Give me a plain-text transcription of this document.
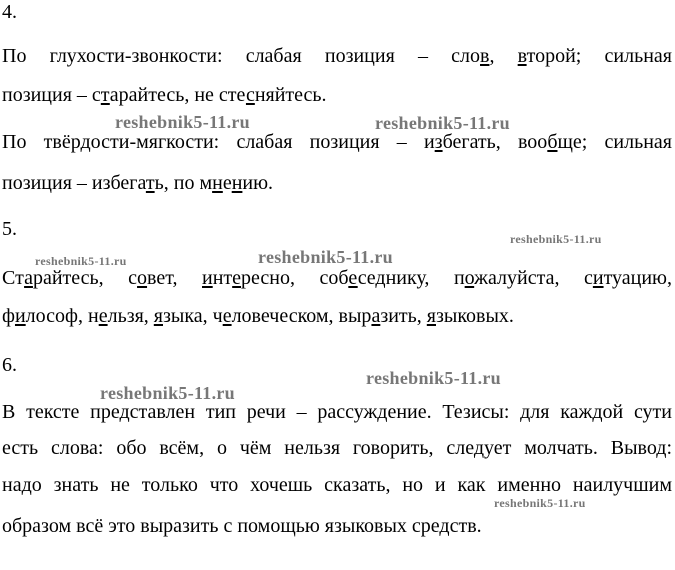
4.
По глухости-звонкости: слабая позиция – слов, второй; сильная
позиция – старайтесь, не стесняйтесь.
По твёрдости-мягкости: слабая позиция – избегать, вообще; сильная
позиция – избегать, по мнению.
5.
Старайтесь, совет, интересно, собеседнику, пожалуйста, ситуацию,
философ, нельзя, языка, человеческом, выразить, языковых.
6.
В тексте представлен тип речи – рассуждение. Тезисы: для каждой сути
есть слова: обо всём, о чём нельзя говорить, следует молчать. Вывод:
надо знать не только что хочешь сказать, но и как именно наилучшим
образом всё это выразить с помощью языковых средств.
reshebnik5-11.ru	reshebnik5-11.ru
reshebnik5-11.ru	reshebnik5-11.ru
reshebnik5-11.ru
reshebnik5-11.ru
reshebnik5-11.ru
reshebnik5-11.ru
